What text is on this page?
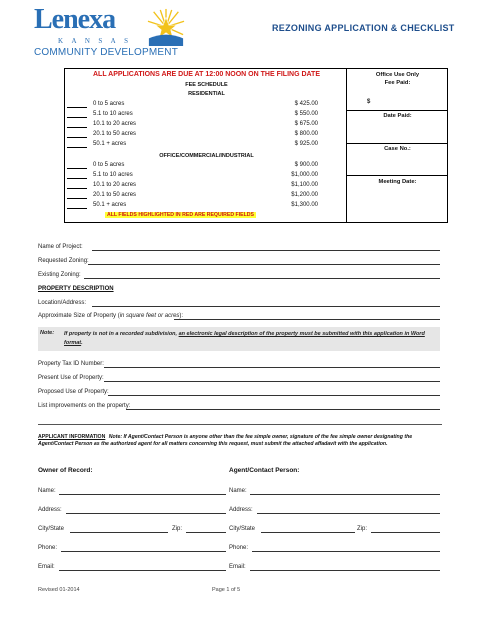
Lenexa
KANSAS
COMMUNITY DEVELOPMENT
REZONING APPLICATION & CHECKLIST
ALL APPLICATIONS ARE DUE AT 12:00 NOON ON THE FILING DATE
FEE SCHEDULE
RESIDENTIAL
0 to 5 acres	$ 425.00
5.1 to 10 acres	$ 550.00
10.1 to 20 acres	$ 675.00
20.1 to 50 acres	$ 800.00
50.1 + acres	$ 925.00
OFFICE/COMMERCIAL/INDUSTRIAL
0 to 5 acres	$ 900.00
5.1 to 10 acres	$1,000.00
10.1 to 20 acres	$1,100.00
20.1 to 50 acres	$1,200.00
50.1 + acres	$1,300.00
ALL FIELDS HIGHLIGHTED IN RED ARE REQUIRED FIELDS
Office Use Only
Fee Paid:
$
Date Paid:
Case No.:
Meeting Date:
Name of Project:
Requested Zoning:
Existing Zoning:
PROPERTY DESCRIPTION
Location/Address:
Approximate Size of Property (in square feet or acres):
Note: If property is not in a recorded subdivision, an electronic legal description of the property must be submitted with this application in Word format.
Property Tax ID Number:
Present Use of Property:
Proposed Use of Property:
List improvements on the property:
APPLICANT INFORMATION Note: If Agent/Contact Person is anyone other than the fee simple owner, signature of the fee simple owner designating the Agent/Contact Person as the authorized agent for all matters concerning this request, must submit the attached affadavit with the application.
Owner of Record:
Name:
Address:
City/State	Zip:
Phone:
Email:
Agent/Contact Person:
Name:
Address:
City/State	Zip:
Phone:
Email:
Revised 01-2014	Page 1 of 5
